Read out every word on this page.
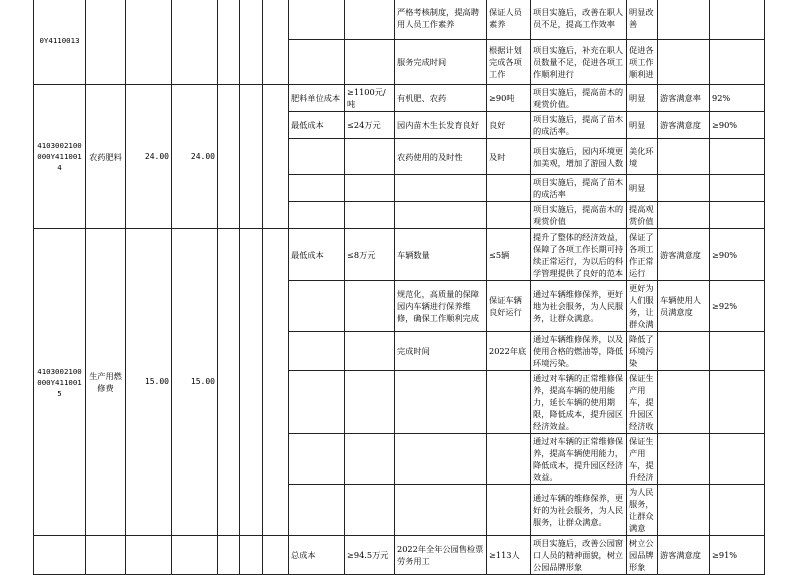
0Y4110013									严格考核制度，提高聘用人员工作素养	保证人员素养	项目实施后，改善在职人员不足，提高工作效率	明显改善		
									服务完成时间	根据计划完成各项工作	项目实施后，补充在职人员数量不足，促进各项工作顺利进行	促进各项工作顺利进		
4103002100000Y4110014	农药肥料	24.00	24.00				肥料单位成本	≥1100元/吨	有机肥、农药	≥90吨	项目实施后，提高苗木的观赏价值。	明显	游客满意率	92%
							最低成本	≤24万元	园内苗木生长发育良好	良好	项目实施后，提高了苗木的成活率。	明显	游客满意度	≥90%
									农药使用的及时性	及时	项目实施后，园内环境更加美观，增加了游园人数	美化环境		
											项目实施后，提高了苗木的成活率	明显		
											项目实施后，提高苗木的观赏价值	提高观赏价值		
4103002100000Y4110015	生产用燃修费	15.00	15.00				最低成本	≤8万元	车辆数量	≤5辆	提升了整体的经济效益，保障了各项工作长期可持续正常运行，为以后的科学管理提供了良好的范本	保证了各项工作正常运行	游客满意度	≥90%
									规范化，高质量的保障园内车辆进行保养维修，确保工作顺利完成	保证车辆良好运行	通过车辆维修保养，更好地为社会服务，为人民服务，让群众满意。	更好为人们服务，让群众满	车辆使用人员满意度	≥92%
									完成时间	2022年底	通过车辆维修保养，以及使用合格的燃油等，降低环境污染。	降低了环境污染		
											通过对车辆的正常维修保养，提高车辆的使用能力，延长车辆的使用期限，降低成本，提升园区经济效益。	保证生产用车，提升园区经济收		
											通过对车辆的正常维修保养，提高车辆使用能力，降低成本，提升园区经济效益。	保证生产用车，提升经济		
											通过车辆的维修保养，更好的为社会服务，为人民服务，让群众满意。	为人民服务，让群众满意		
							总成本	≥94.5万元	2022年全年公园售检票劳务用工	≥113人	项目实施后，改善公园窗口人员的精神面貌，树立公园品牌形象	树立公园品牌形象	游客满意度	≥91%
